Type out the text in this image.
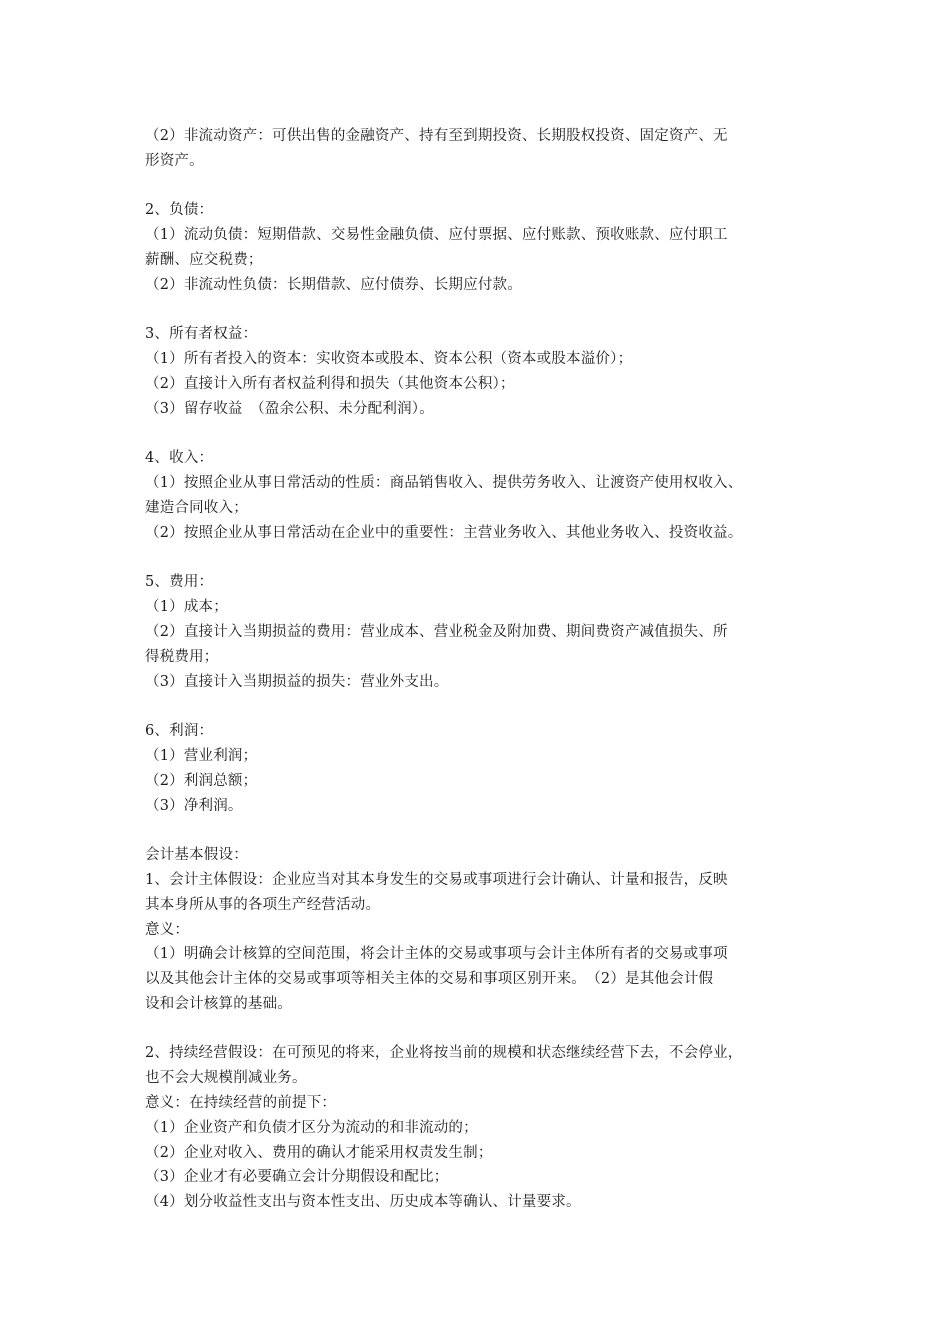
（2）非流动资产：可供出售的金融资产、持有至到期投资、长期股权投资、固定资产、无
形资产。
2、负债：
（1）流动负债：短期借款、交易性金融负债、应付票据、应付账款、预收账款、应付职工
薪酬、应交税费；
（2）非流动性负债：长期借款、应付债券、长期应付款。
3、所有者权益：
（1）所有者投入的资本：实收资本或股本、资本公积（资本或股本溢价）；
（2）直接计入所有者权益利得和损失（其他资本公积）；
（3）留存收益　（盈余公积、未分配利润）。
4、收入：
（1）按照企业从事日常活动的性质：商品销售收入、提供劳务收入、让渡资产使用权收入、
建造合同收入；
（2）按照企业从事日常活动在企业中的重要性：主营业务收入、其他业务收入、投资收益。
5、费用：
（1）成本；
（2）直接计入当期损益的费用：营业成本、营业税金及附加费、期间费资产减值损失、所
得税费用；
（3）直接计入当期损益的损失：营业外支出。
6、利润：
（1）营业利润；
（2）利润总额；
（3）净利润。
会计基本假设：
1、会计主体假设：企业应当对其本身发生的交易或事项进行会计确认、计量和报告，反映
其本身所从事的各项生产经营活动。
意义：
（1）明确会计核算的空间范围，将会计主体的交易或事项与会计主体所有者的交易或事项
以及其他会计主体的交易或事项等相关主体的交易和事项区别开来。　（2）是其他会计假
设和会计核算的基础。
2、持续经营假设：在可预见的将来，企业将按当前的规模和状态继续经营下去，不会停业，
也不会大规模削减业务。
意义：在持续经营的前提下：
（1）企业资产和负债才区分为流动的和非流动的；
（2）企业对收入、费用的确认才能采用权责发生制；
（3）企业才有必要确立会计分期假设和配比；
（4）划分收益性支出与资本性支出、历史成本等确认、计量要求。
